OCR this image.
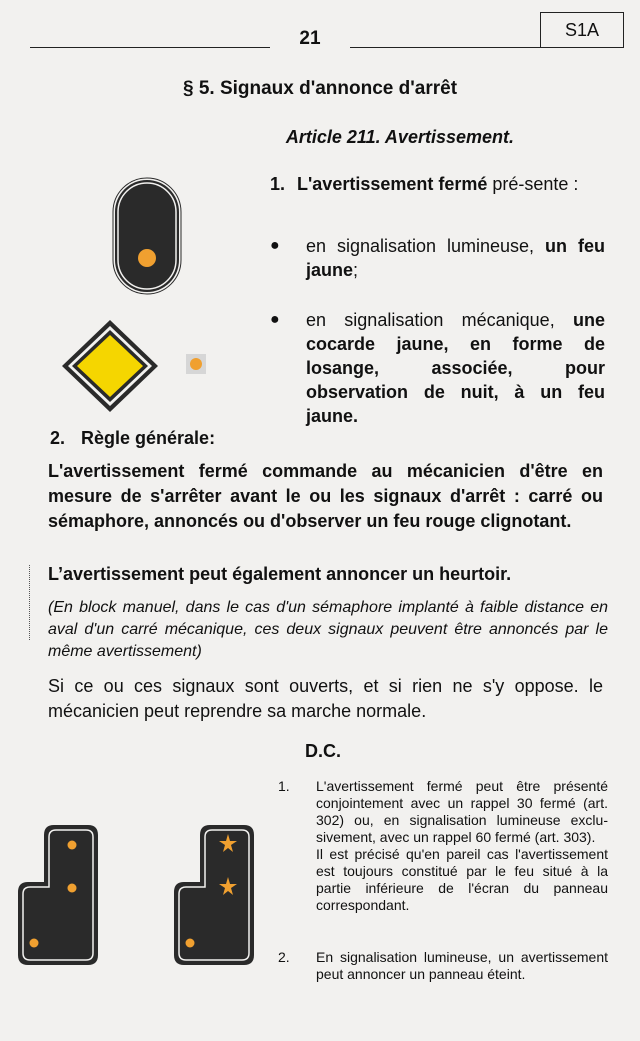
21	S1A
§ 5. Signaux d'annonce d'arrêt
Article 211. Avertissement.
1. L'avertissement fermé pré-sente :
● en signalisation lumineuse, un feu jaune;
● en signalisation mécanique, une cocarde jaune, en forme de losange, associée, pour observation de nuit, à un feu jaune.
2. Règle générale:
L'avertissement fermé commande au mécanicien d'être en mesure de s'arrêter avant le ou les signaux d'arrêt : carré ou sémaphore, annoncés ou d'observer un feu rouge clignotant.
L’avertissement peut également annoncer un heurtoir.
(En block manuel, dans le cas d'un sémaphore implanté à faible distance en aval d'un carré mécanique, ces deux signaux peuvent être annoncés par le même avertissement)
Si ce ou ces signaux sont ouverts, et si rien ne s'y oppose. le mécanicien peut reprendre sa marche normale.
D.C.
1. L'avertissement fermé peut être présenté conjointement avec un rappel 30 fermé (art. 302) ou, en signalisation lumineuse exclu-sivement, avec un rappel 60 fermé (art. 303).
Il est précisé qu'en pareil cas l'avertissement est toujours constitué par le feu situé à la partie inférieure de l'écran du panneau correspondant.
2. En signalisation lumineuse, un avertissement peut annoncer un panneau éteint.
